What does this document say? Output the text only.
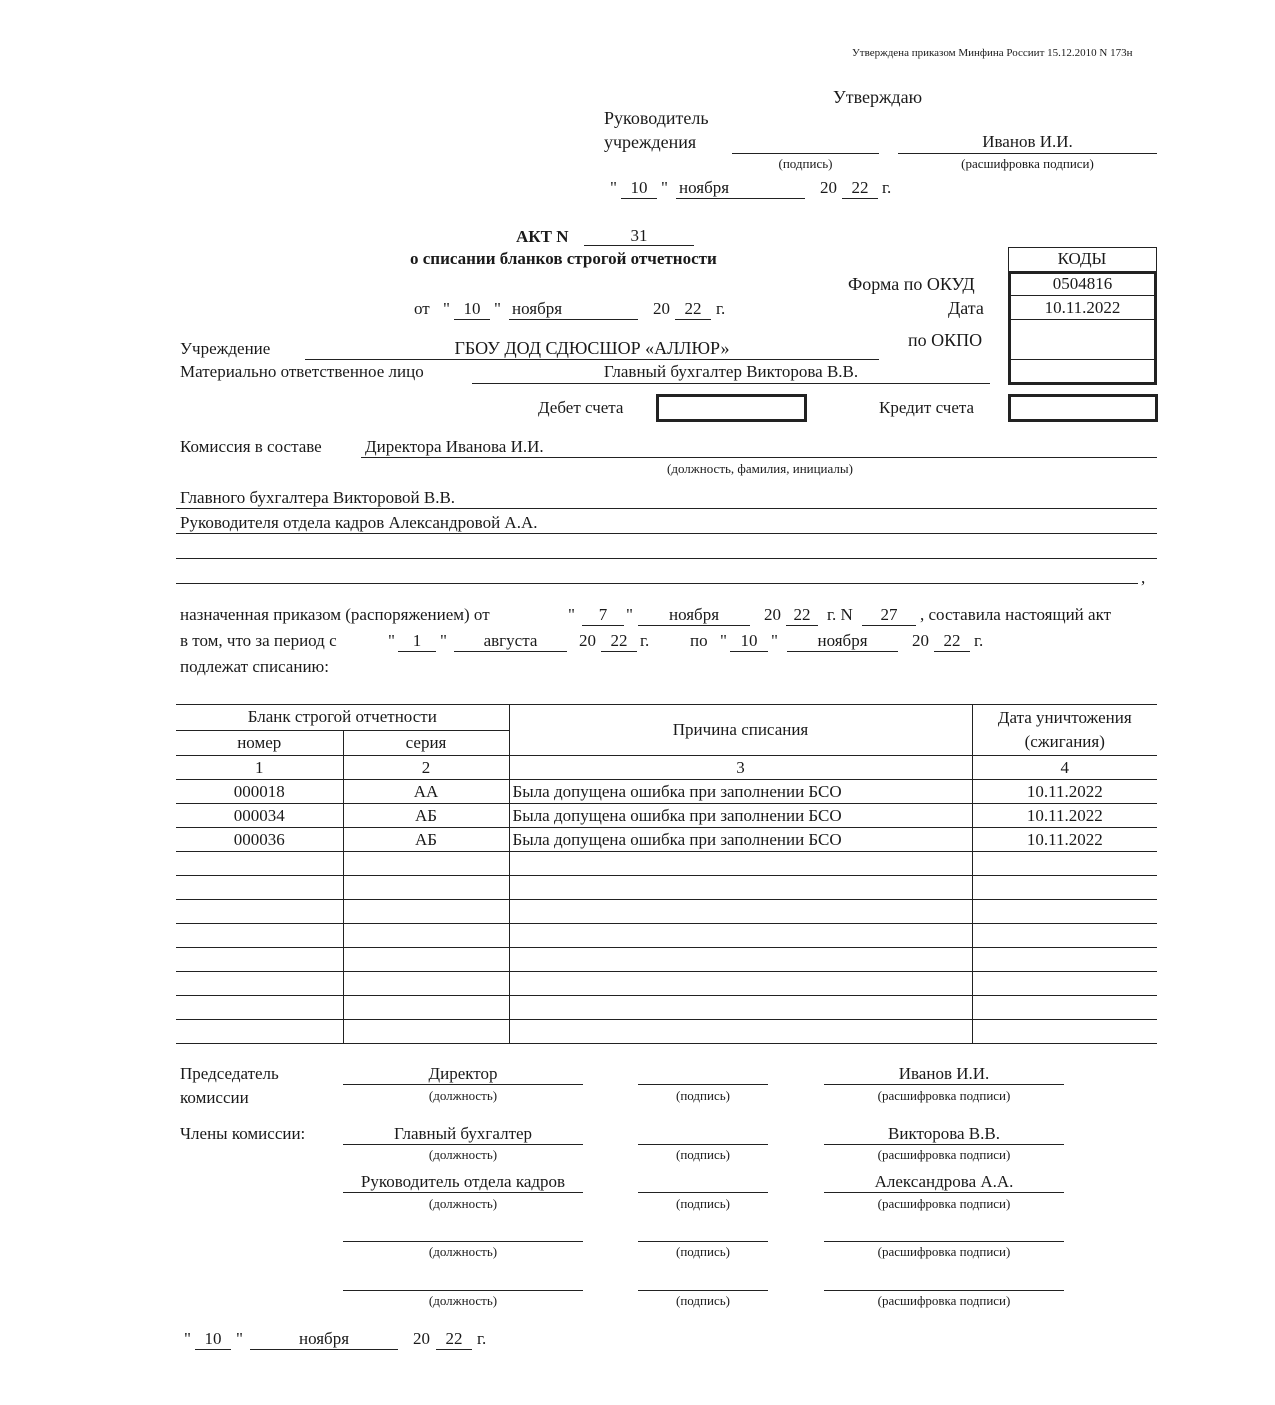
Утверждена приказом Минфина Россиит 15.12.2010 N 173н
Утверждаю
Руководитель
учреждения
(подпись)
Иванов И.И.
(расшифровка подписи)
" 10 " ноября	20 22 г.
АКТ N	31
о списании бланков строгой отчетности
от " 10 " ноября	20 22 г.
КОДЫ
Форма по ОКУД	0504816
Дата	10.11.2022
по ОКПО
Учреждение	ГБОУ ДОД СДЮСШОР «АЛЛЮР»
Материально ответственное лицо	Главный бухгалтер Викторова В.В.
Дебет счета	Кредит счета
Комиссия в составе	Директора Иванова И.И.
(должность, фамилия, инициалы)
Главного бухгалтера Викторовой В.В.
Руководителя отдела кадров Александровой А.А.
,
назначенная приказом (распоряжением) от	"	7	"	ноября	20 22 г. N	27	, составила настоящий акт
в том, что за период с	"	1	"	августа	20 22 г. по " 10 "	ноября	20 22 г.
подлежат списанию:
Бланк строгой отчетности		Причина списания	Дата уничтожения
(сжигания)
номер	серия		
1	2	3	4
000018	АА	Была допущена ошибка при заполнении БСО	10.11.2022
000034	АБ	Была допущена ошибка при заполнении БСО	10.11.2022
000036	АБ	Была допущена ошибка при заполнении БСО	10.11.2022

Председатель
комиссии
Члены комиссии:
Директор
(должность)	(подпись)
Иванов И.И.
(расшифровка подписи)
Главный бухгалтер
(должность)	(подпись)
Викторова В.В.
(расшифровка подписи)
Руководитель отдела кадров
(должность)	(подпись)
Александрова А.А.
(расшифровка подписи)
(должность)	(подпись)	(расшифровка подписи)
(должность)	(подпись)	(расшифровка подписи)
" 10 "	ноября	20 22 г.
